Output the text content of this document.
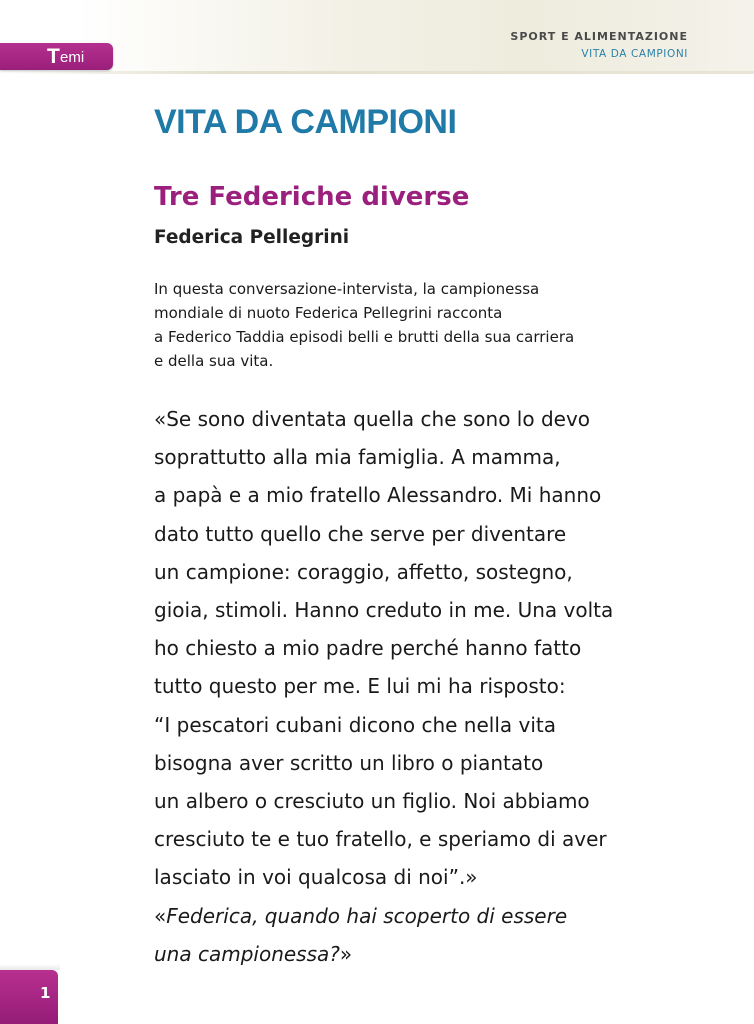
T emi
SPORT E ALIMENTAZIONE
VITA DA CAMPIONI
VITA DA CAMPIONI
Tre Federiche diverse
Federica Pellegrini

In questa conversazione-intervista, la campionessa
mondiale di nuoto Federica Pellegrini racconta
a Federico Taddia episodi belli e brutti della sua carriera
e della sua vita.

«Se sono diventata quella che sono lo devo
soprattutto alla mia famiglia. A mamma,
a papà e a mio fratello Alessandro. Mi hanno
dato tutto quello che serve per diventare
un campione: coraggio, affetto, sostegno,
gioia, stimoli. Hanno creduto in me. Una volta
ho chiesto a mio padre perché hanno fatto
tutto questo per me. E lui mi ha risposto:
“I pescatori cubani dicono che nella vita
bisogna aver scritto un libro o piantato
un albero o cresciuto un figlio. Noi abbiamo
cresciuto te e tuo fratello, e speriamo di aver
lasciato in voi qualcosa di noi”.»
«Federica, quando hai scoperto di essere
una campionessa?»
1
